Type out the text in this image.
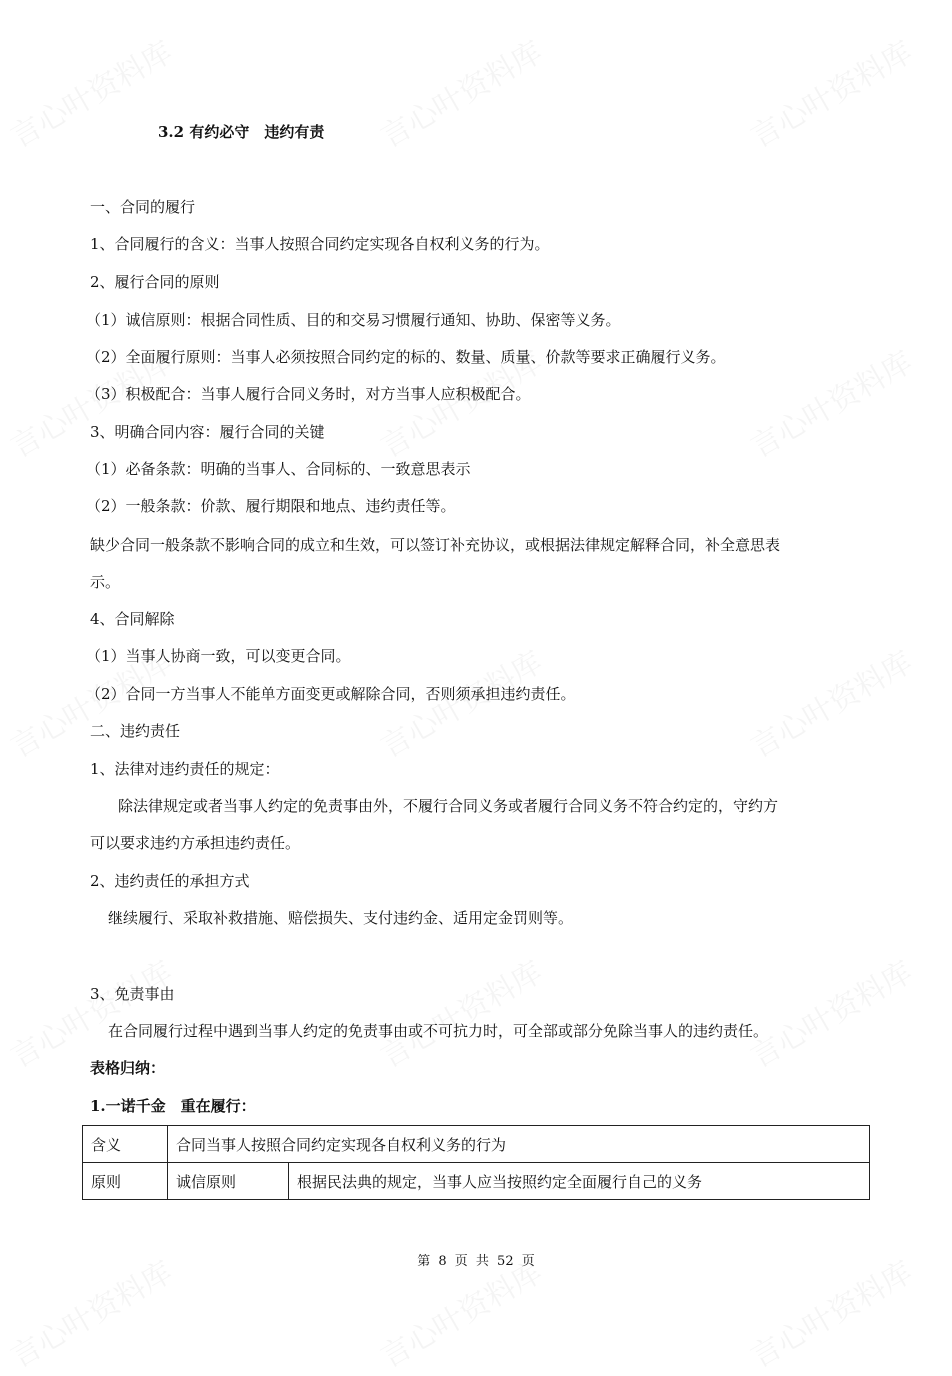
3.2 有约必守　违约有责
一、合同的履行
1、合同履行的含义：当事人按照合同约定实现各自权利义务的行为。
2、履行合同的原则
（1）诚信原则：根据合同性质、目的和交易习惯履行通知、协助、保密等义务。
（2）全面履行原则：当事人必须按照合同约定的标的、数量、质量、价款等要求正确履行义务。
（3）积极配合：当事人履行合同义务时，对方当事人应积极配合。
3、明确合同内容：履行合同的关键
（1）必备条款：明确的当事人、合同标的、一致意思表示
（2）一般条款：价款、履行期限和地点、违约责任等。
缺少合同一般条款不影响合同的成立和生效，可以签订补充协议，或根据法律规定解释合同，补全意思表
示。
4、合同解除
（1）当事人协商一致，可以变更合同。
（2）合同一方当事人不能单方面变更或解除合同，否则须承担违约责任。
二、违约责任
1、法律对违约责任的规定：
　除法律规定或者当事人约定的免责事由外，不履行合同义务或者履行合同义务不符合约定的，守约方
可以要求违约方承担违约责任。
2、违约责任的承担方式
　继续履行、采取补救措施、赔偿损失、支付违约金、适用定金罚则等。
3、免责事由
　在合同履行过程中遇到当事人约定的免责事由或不可抗力时，可全部或部分免除当事人的违约责任。
表格归纳：
1.一诺千金　重在履行：
含义	合同当事人按照合同约定实现各自权利义务的行为	
原则	诚信原则	根据民法典的规定，当事人应当按照约定全面履行自己的义务
第 8 页 共 52 页
